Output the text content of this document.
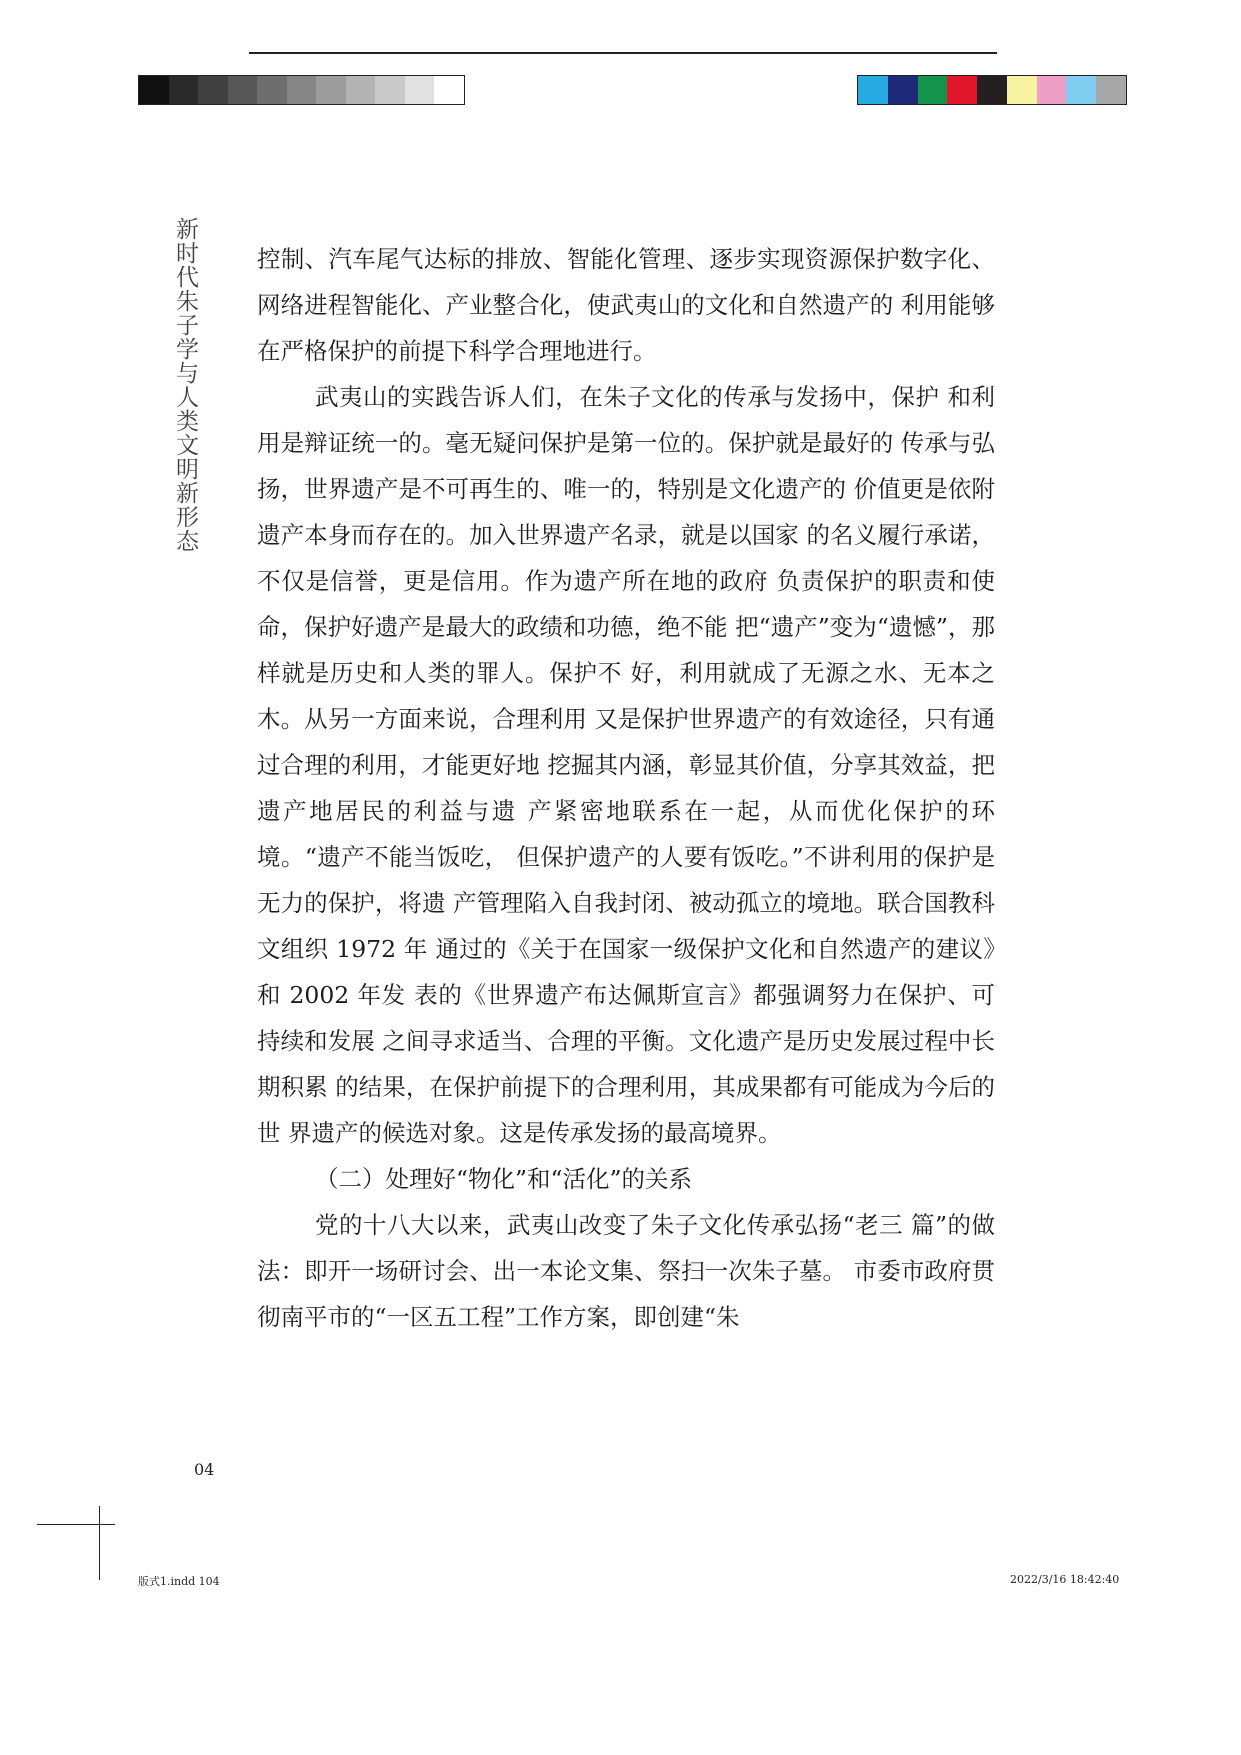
新时代朱子学与人类文明新形态	控制、汽车尾气达标的排放、智能化管理、逐步实现资源保护数字化、网络进程智能化、产业整合化，使武夷山的文化和自然遗产的 利用能够在严格保护的前提下科学合理地进行。

武夷山的实践告诉人们，在朱子文化的传承与发扬中，保护 和利用是辩证统一的。毫无疑问保护是第一位的。保护就是最好的 传承与弘扬，世界遗产是不可再生的、唯一的，特别是文化遗产的 价值更是依附遗产本身而存在的。加入世界遗产名录，就是以国家 的名义履行承诺，不仅是信誉，更是信用。作为遗产所在地的政府 负责保护的职责和使命，保护好遗产是最大的政绩和功德，绝不能 把“遗产”变为“遗憾”，那样就是历史和人类的罪人。保护不 好，利用就成了无源之水、无本之木。从另一方面来说，合理利用 又是保护世界遗产的有效途径，只有通过合理的利用，才能更好地 挖掘其内涵，彰显其价值，分享其效益，把遗产地居民的利益与遗 产紧密地联系在一起，从而优化保护的环境。“遗产不能当饭吃， 但保护遗产的人要有饭吃。”不讲利用的保护是无力的保护，将遗 产管理陷入自我封闭、被动孤立的境地。联合国教科文组织 1972 年 通过的《关于在国家一级保护文化和自然遗产的建议》和 2002 年发 表的《世界遗产布达佩斯宣言》都强调努力在保护、可持续和发展 之间寻求适当、合理的平衡。文化遗产是历史发展过程中长期积累 的结果，在保护前提下的合理利用，其成果都有可能成为今后的世 界遗产的候选对象。这是传承发扬的最高境界。

（二）处理好“物化”和“活化”的关系

党的十八大以来，武夷山改变了朱子文化传承弘扬“老三 篇”的做法：即开一场研讨会、出一本论文集、祭扫一次朱子墓。 市委市政府贯彻南平市的“一区五工程”工作方案，即创建“朱

04
版式1.indd 104	2022/3/16 18:42:40
